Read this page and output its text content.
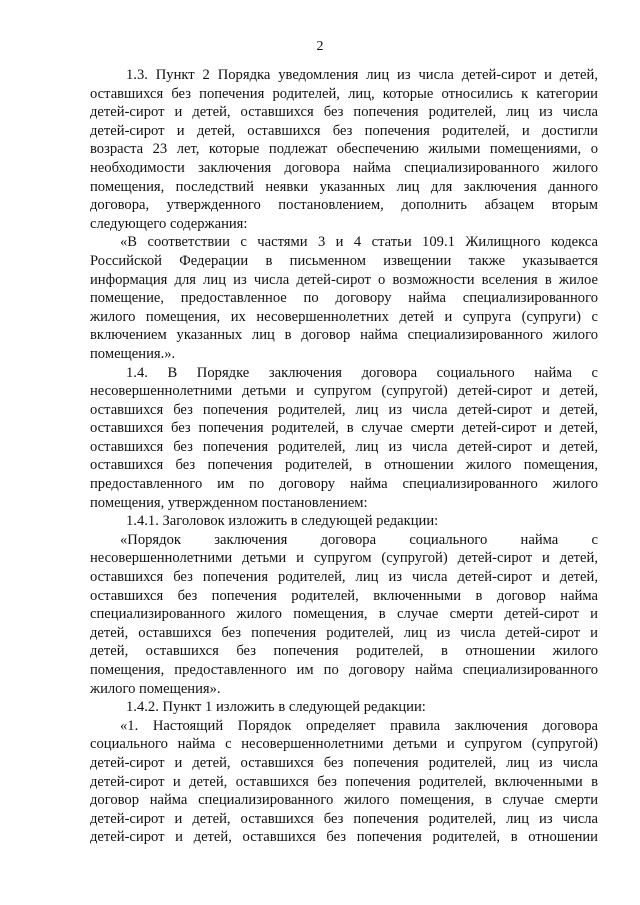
2
1.3. Пункт 2 Порядка уведомления лиц из числа детей-сирот и детей,
оставшихся без попечения родителей, лиц, которые относились к категории
детей-сирот и детей, оставшихся без попечения родителей, лиц из числа
детей-сирот и детей, оставшихся без попечения родителей, и достигли
возраста 23 лет, которые подлежат обеспечению жилыми помещениями, о
необходимости заключения договора найма специализированного жилого
помещения, последствий неявки указанных лиц для заключения данного
договора, утвержденного постановлением, дополнить абзацем вторым
следующего содержания:
«В соответствии с частями 3 и 4 статьи 109.1 Жилищного кодекса
Российской Федерации в письменном извещении также указывается
информация для лиц из числа детей-сирот о возможности вселения в жилое
помещение, предоставленное по договору найма специализированного
жилого помещения, их несовершеннолетних детей и супруга (супруги) с
включением указанных лиц в договор найма специализированного жилого
помещения.».
1.4. В Порядке заключения договора социального найма с
несовершеннолетними детьми и супругом (супругой) детей-сирот и детей,
оставшихся без попечения родителей, лиц из числа детей-сирот и детей,
оставшихся без попечения родителей, в случае смерти детей-сирот и детей,
оставшихся без попечения родителей, лиц из числа детей-сирот и детей,
оставшихся без попечения родителей, в отношении жилого помещения,
предоставленного им по договору найма специализированного жилого
помещения, утвержденном постановлением:
1.4.1. Заголовок изложить в следующей редакции:
«Порядок заключения договора социального найма с
несовершеннолетними детьми и супругом (супругой) детей-сирот и детей,
оставшихся без попечения родителей, лиц из числа детей-сирот и детей,
оставшихся без попечения родителей, включенными в договор найма
специализированного жилого помещения, в случае смерти детей-сирот и
детей, оставшихся без попечения родителей, лиц из числа детей-сирот и
детей, оставшихся без попечения родителей, в отношении жилого
помещения, предоставленного им по договору найма специализированного
жилого помещения».
1.4.2. Пункт 1 изложить в следующей редакции:
«1. Настоящий Порядок определяет правила заключения договора
социального найма с несовершеннолетними детьми и супругом (супругой)
детей-сирот и детей, оставшихся без попечения родителей, лиц из числа
детей-сирот и детей, оставшихся без попечения родителей, включенными в
договор найма специализированного жилого помещения, в случае смерти
детей-сирот и детей, оставшихся без попечения родителей, лиц из числа
детей-сирот и детей, оставшихся без попечения родителей, в отношении
